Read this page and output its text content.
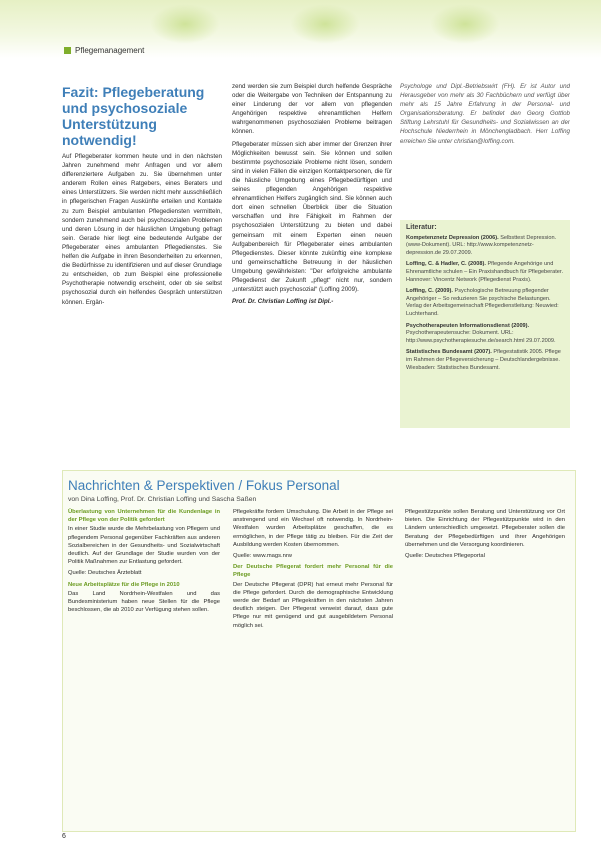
Pflegemanagement
Fazit: Pflegeberatung und psychosoziale Unterstützung notwendig!

Auf Pflegeberater kommen heute und in den nächsten Jahren zunehmend mehr Anfragen und vor allem differenziertere Aufgaben zu. Sie übernehmen unter anderem Rollen eines Ratgebers, eines Beraters und eines Unterstützers. Sie werden nicht mehr ausschließlich in pflegerischen Fragen Auskünfte erteilen und Kontakte zu zum Beispiel ambulanten Pflegediensten vermitteln, sondern zunehmend auch bei psychosozialen Problemen und deren Lösung in der häuslichen Umgebung gefragt sein. Gerade hier liegt eine bedeutende Aufgabe der Pflegeberater eines ambulanten Pflegedienstes. Sie helfen die Aufgabe in ihren Besonderheiten zu erkennen, die Bedürfnisse zu identifizieren und auf dieser Grundlage zu entscheiden, ob zum Beispiel eine professionelle Psychotherapie notwendig erscheint, oder ob sie selbst psychosozial durch ein helfendes Gespräch unterstützen können. Ergän-

zend werden sie zum Beispiel durch helfende Gespräche oder die Weitergabe von Techniken der Entspannung zu einer Linderung der vor allem von pflegenden Angehörigen respektive ehrenamtlichen Helfern wahrgenommenen psychosozialen Probleme beitragen können.

Pflegeberater müssen sich aber immer der Grenzen ihrer Möglichkeiten bewusst sein. Sie können und sollen bestimmte psychosoziale Probleme nicht lösen, sondern sind in vielen Fällen die einzigen Kontaktpersonen, die für die häusliche Umgebung eines Pflegebedürftigen und seines pflegenden Angehörigen respektive ehrenamtlichen Helfers zugänglich sind. Sie können auch dort einen schnellen Überblick über die Situation verschaffen und ihre Fähigkeit im Rahmen der psychosozialen Unterstützung zu bieten und dabei gemeinsam mit einem Experten einen neuen Aufgabenbereich für Pflegeberater eines ambulanten Pflegedienstes. Dieser könnte zukünftig eine komplexe und gemeinschaftliche Betreuung in der häuslichen Umgebung gewährleisten: "Der erfolgreiche ambulante Pflegedienst der Zukunft „pflegt“ nicht nur, sondern „unterstützt auch psychosozial“ (Loffing 2009).

Prof. Dr. Christian Loffing ist Dipl.-

Psychologe und Dipl.-Betriebswirt (FH). Er ist Autor und Herausgeber von mehr als 30 Fachbüchern und verfügt über mehr als 15 Jahre Erfahrung in der Personal- und Organisationsberatung. Er befindet den Georg Gottlob Stiftung Lehrstuhl für Gesundheits- und Sozialwissen an der Hochschule Niederrhein in Mönchengladbach. Herr Loffing erreichen Sie unter christian@loffing.com.
Literatur:
Kompetenznetz Depression (2006). Selbsttest Depression. (www-Dokument). URL: http://www.kompetenznetz-depression.de 29.07.2009.
Loffing, C. & Hadler, C. (2008). Pflegende Angehörige und Ehrenamtliche schulen – Ein Praxishandbuch für Pflegeberater. Hannover: Vincentz Network (Pflegedienst Praxis).
Loffing, C. (2009). Psychologische Betreuung pflegender Angehöriger – So reduzieren Sie psychische Belastungen. Verlag der Arbeitsgemeinschaft Pflegedienstleitung: Neuwied: Luchterhand.
Psychotherapeuten Informationsdienst (2009). Psychotherapeutensuche: Dokument. URL: http://www.psychotherapiesuche.de/search.html 29.07.2009.
Statistisches Bundesamt (2007). Pflegestatistik 2005. Pflege im Rahmen der Pflegeversicherung – Deutschlandergebnisse. Wiesbaden: Statistisches Bundesamt.
Nachrichten & Perspektiven / Fokus Personal
von Dina Loffing, Prof. Dr. Christian Loffing und Sascha Saßen

Überlastung von Unternehmen für die Kundenlage in der Pflege von der Politik gefordert
In einer Studie wurde die Mehrbelastung von Pflegern und pflegendem Personal gegenüber Fachkräften aus anderen Sozialbereichen in der Gesundheits- und Sozialwirtschaft deutlich. Auf der Grundlage der Studie wurden von der Politik Maßnahmen zur Entlastung gefordert.

Quelle: Deutsches Ärzteblatt

Neue Arbeitsplätze für die Pflege in 2010
Das Land Nordrhein-Westfalen und das Bundesministerium haben neue Stellen für die Pflege beschlossen, die ab 2010 zur Verfügung stehen sollen.

Pflegekräfte fordern Umschulung. Die Arbeit in der Pflege sei anstrengend und ein Wechsel oft notwendig. In Nordrhein-Westfalen wurden Arbeitsplätze geschaffen, die es ermöglichen, in der Pflege tätig zu bleiben. Für die Zeit der Ausbildung werden Kosten übernommen.

Quelle: www.mags.nrw

Der Deutsche Pflegerat fordert mehr Personal für die Pflege
Der Deutsche Pflegerat (DPR) hat erneut mehr Personal für die Pflege gefordert. Durch die demographische Entwicklung werde der Bedarf an Pflegekräften in den nächsten Jahren deutlich steigen. Der Pflegerat verweist darauf, dass gute Pflege nur mit genügend und gut ausgebildetem Personal möglich sei.

Pflegestützpunkte sollen Beratung und Unterstützung vor Ort bieten. Die Einrichtung der Pflegestützpunkte wird in den Ländern unterschiedlich umgesetzt. Pflegeberater sollen die Beratung der Pflegebedürftigen und ihrer Angehörigen übernehmen und die Versorgung koordinieren.

Quelle: Deutsches Pflegeportal

6
